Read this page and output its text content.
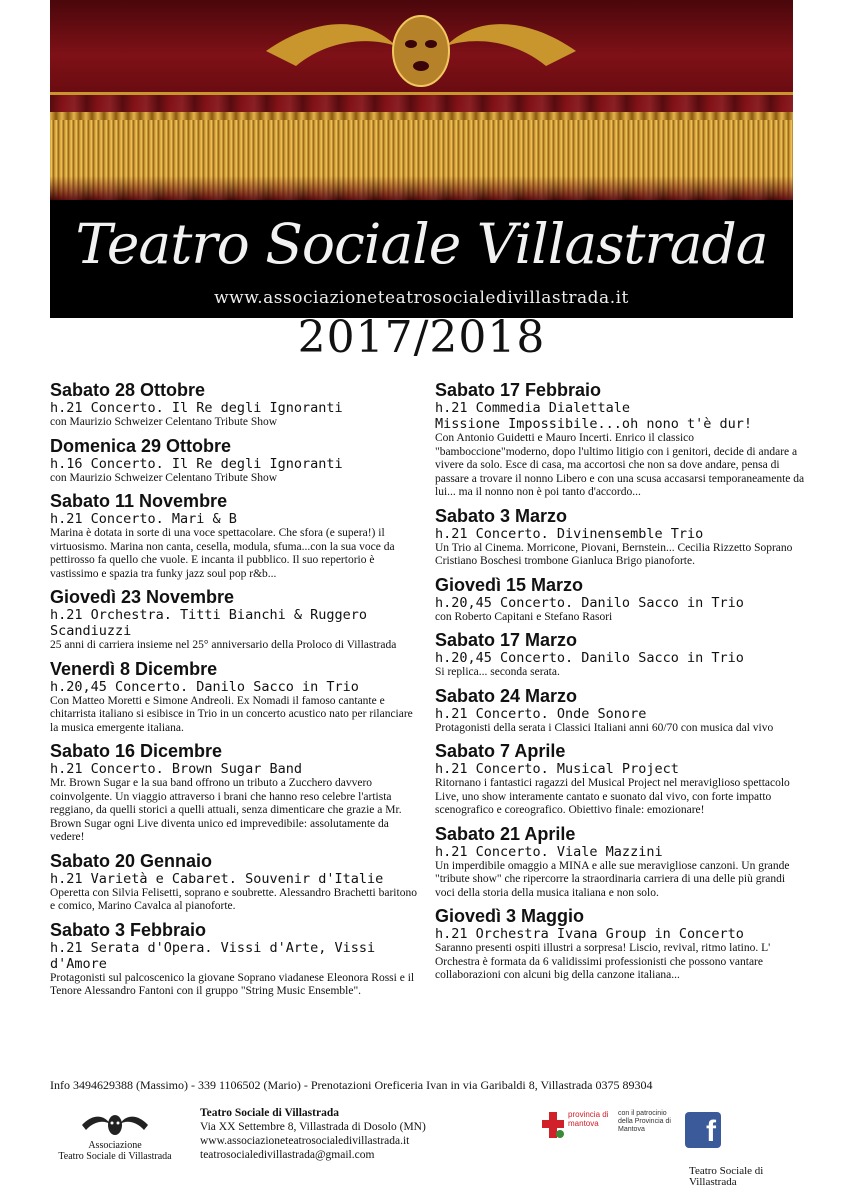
Teatro Sociale Villastrada
www.associazioneteatrosocialedivillastrada.it
2017/2018
Sabato 28 Ottobre
h.21 Concerto. Il Re degli Ignoranti
con Maurizio Schweizer Celentano Tribute Show
Domenica 29 Ottobre
h.16 Concerto. Il Re degli Ignoranti
con Maurizio Schweizer Celentano Tribute Show
Sabato 11 Novembre
h.21 Concerto. Mari & B
Marina è dotata in sorte di una voce spettacolare. Che sfora (e supera!) il virtuosismo. Marina non canta, cesella, modula, sfuma...con la sua voce da pettirosso fa quello che vuole. E incanta il pubblico. Il suo repertorio è vastissimo e spazia tra funky jazz soul pop r&b...
Giovedì 23 Novembre
h.21 Orchestra. Titti Bianchi & Ruggero Scandiuzzi
25 anni di carriera insieme nel 25° anniversario della Proloco di Villastrada
Venerdì 8 Dicembre
h.20,45 Concerto. Danilo Sacco in Trio
Con Matteo Moretti e Simone Andreoli. Ex Nomadi il famoso cantante e chitarrista italiano si esibisce in Trio in un concerto acustico nato per rilanciare la musica emergente italiana.
Sabato 16 Dicembre
h.21 Concerto. Brown Sugar Band
Mr. Brown Sugar e la sua band offrono un tributo a Zucchero davvero coinvolgente. Un viaggio attraverso i brani che hanno reso celebre l'artista reggiano, da quelli storici a quelli attuali, senza dimenticare che grazie a Mr. Brown Sugar ogni Live diventa unico ed imprevedibile: assolutamente da vedere!
Sabato 20 Gennaio
h.21 Varietà e Cabaret. Souvenir d'Italie
Operetta con Silvia Felisetti, soprano e soubrette. Alessandro Brachetti baritono e comico, Marino Cavalca al pianoforte.
Sabato 3 Febbraio
h.21 Serata d'Opera. Vissi d'Arte, Vissi d'Amore
Protagonisti sul palcoscenico la giovane Soprano viadanese Eleonora Rossi e il Tenore Alessandro Fantoni con il gruppo "String Music Ensemble".
Sabato 17 Febbraio
h.21 Commedia Dialettale
Missione Impossibile...oh nono t'è dur!
Con Antonio Guidetti e Mauro Incerti. Enrico il classico "bamboccione"moderno, dopo l'ultimo litigio con i genitori, decide di andare a vivere da solo. Esce di casa, ma accortosi che non sa dove andare, pensa di passare a trovare il nonno Libero e con una scusa accasarsi temporaneamente da lui... ma il nonno non è poi tanto d'accordo...
Sabato 3 Marzo
h.21 Concerto. Divinensemble Trio
Un Trio al Cinema. Morricone, Piovani, Bernstein... Cecilia Rizzetto Soprano Cristiano Boschesi trombone Gianluca Brigo pianoforte.
Giovedì 15 Marzo
h.20,45 Concerto. Danilo Sacco in Trio
con Roberto Capitani e Stefano Rasori
Sabato 17 Marzo
h.20,45 Concerto. Danilo Sacco in Trio
Si replica... seconda serata.
Sabato 24 Marzo
h.21 Concerto. Onde Sonore
Protagonisti della serata i Classici Italiani anni 60/70 con musica dal vivo
Sabato 7 Aprile
h.21 Concerto. Musical Project
Ritornano i fantastici ragazzi del Musical Project nel meraviglioso spettacolo Live, uno show interamente cantato e suonato dal vivo, con forte impatto scenografico e coreografico. Obiettivo finale: emozionare!
Sabato 21 Aprile
h.21 Concerto. Viale Mazzini
Un imperdibile omaggio a MINA e alle sue meravigliose canzoni. Un grande "tribute show" che ripercorre la straordinaria carriera di una delle più grandi voci della storia della musica italiana e non solo.
Giovedì 3 Maggio
h.21 Orchestra Ivana Group in Concerto
Saranno presenti ospiti illustri a sorpresa! Liscio, revival, ritmo latino. L' Orchestra è formata da 6 validissimi professionisti che possono vantare collaborazioni con alcuni big della canzone italiana...
Info 3494629388 (Massimo) - 339 1106502 (Mario) - Prenotazioni Oreficeria Ivan in via Garibaldi 8, Villastrada 0375 89304
Associazione
Teatro Sociale di Villastrada
Teatro Sociale di Villastrada
Via XX Settembre 8, Villastrada di Dosolo (MN)
www.associazioneteatrosocialedivillastrada.it
teatrosocialedivillastrada@gmail.com
provincia di mantova
con il patrocinio della Provincia di Mantova	f
Teatro Sociale di Villastrada
